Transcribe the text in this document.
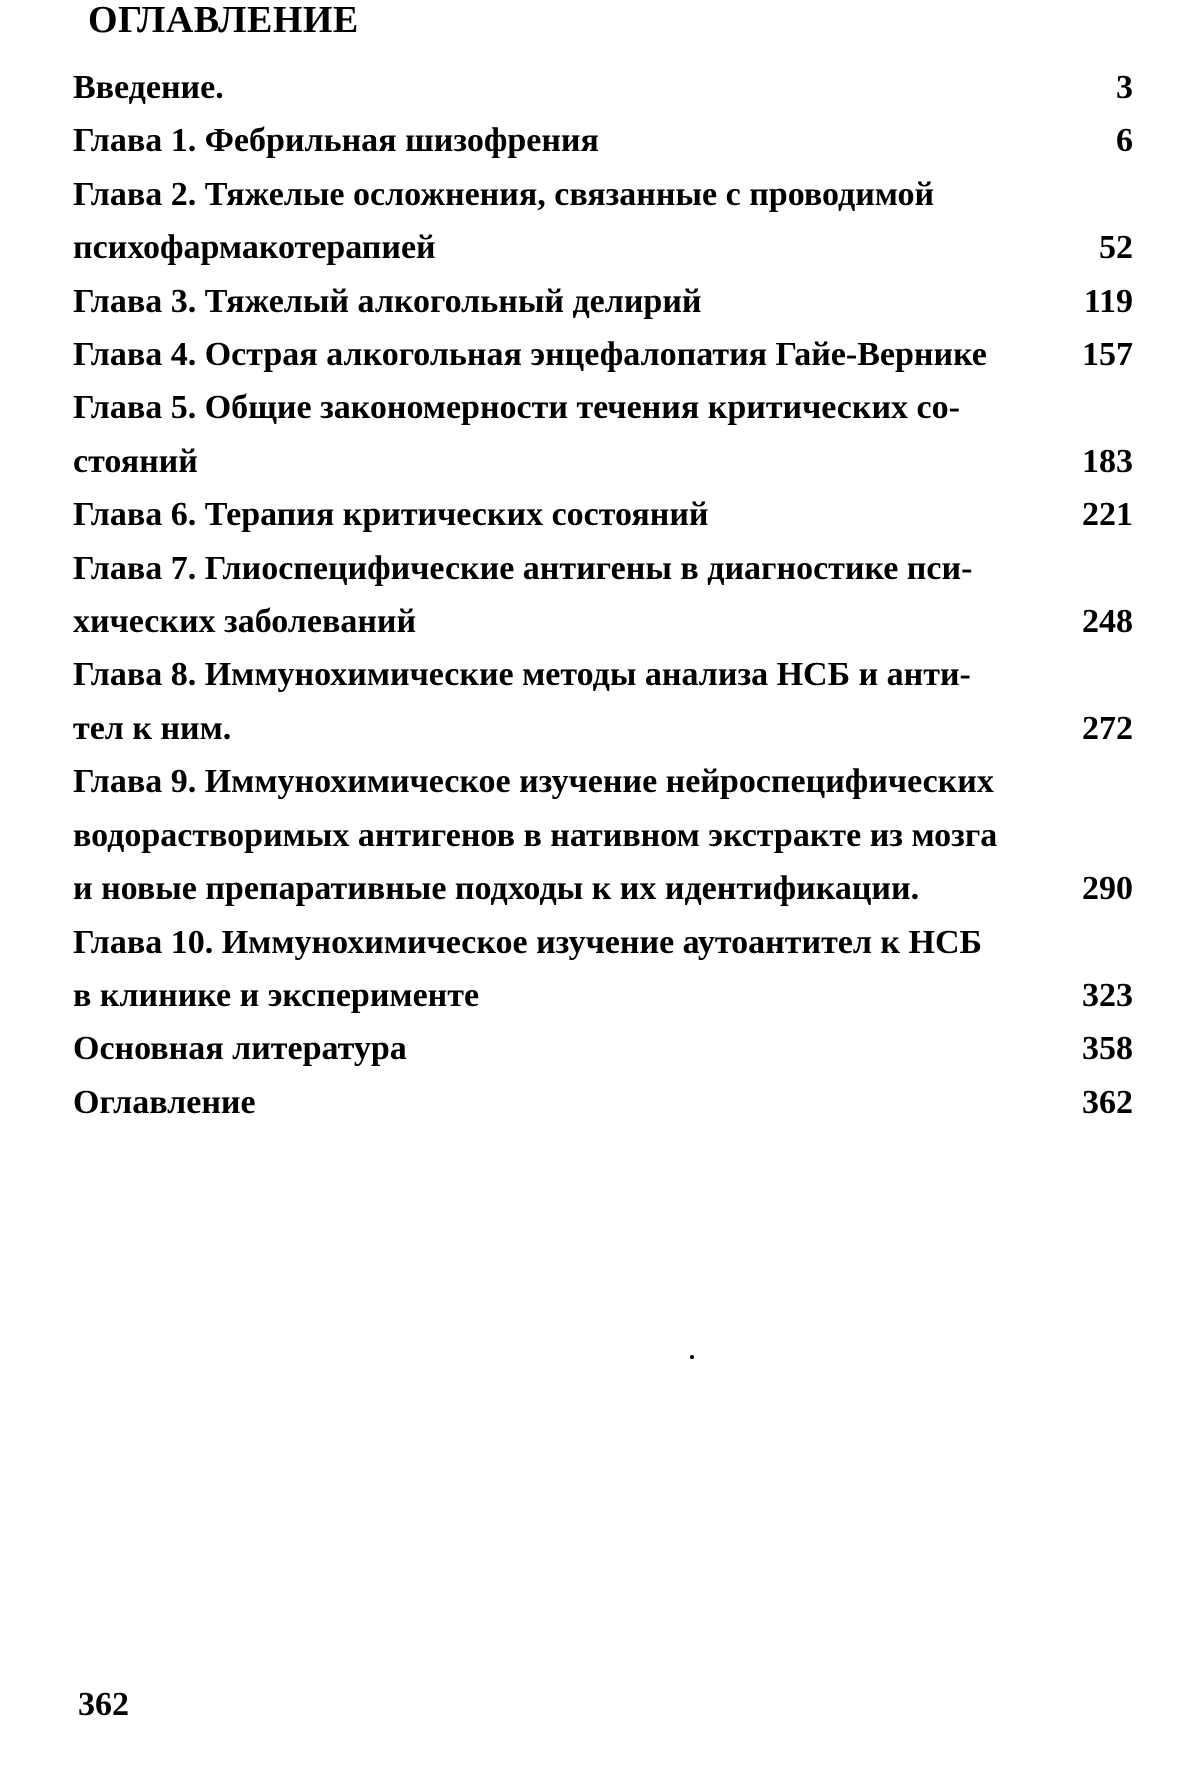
ОГЛАВЛЕНИЕ
Введение.	3
Глава 1. Фебрильная шизофрения	6
Глава 2. Тяжелые осложнения, связанные с проводимой
психофармакотерапией	52
Глава 3. Тяжелый алкогольный делирий	119
Глава 4. Острая алкогольная энцефалопатия Гайе-Вернике	157
Глава 5. Общие закономерности течения критических со-
стояний	183
Глава 6. Терапия критических состояний	221
Глава 7. Глиоспецифические антигены в диагностике пси-
хических заболеваний	248
Глава 8. Иммунохимические методы анализа НСБ и анти-
тел к ним.	272
Глава 9. Иммунохимическое изучение нейроспецифических
водорастворимых антигенов в нативном экстракте из мозга
и новые препаративные подходы к их идентификации.	290
Глава 10. Иммунохимическое изучение аутоантител к НСБ
в клинике и эксперименте	323
Основная литература	358
Оглавление	362
362
